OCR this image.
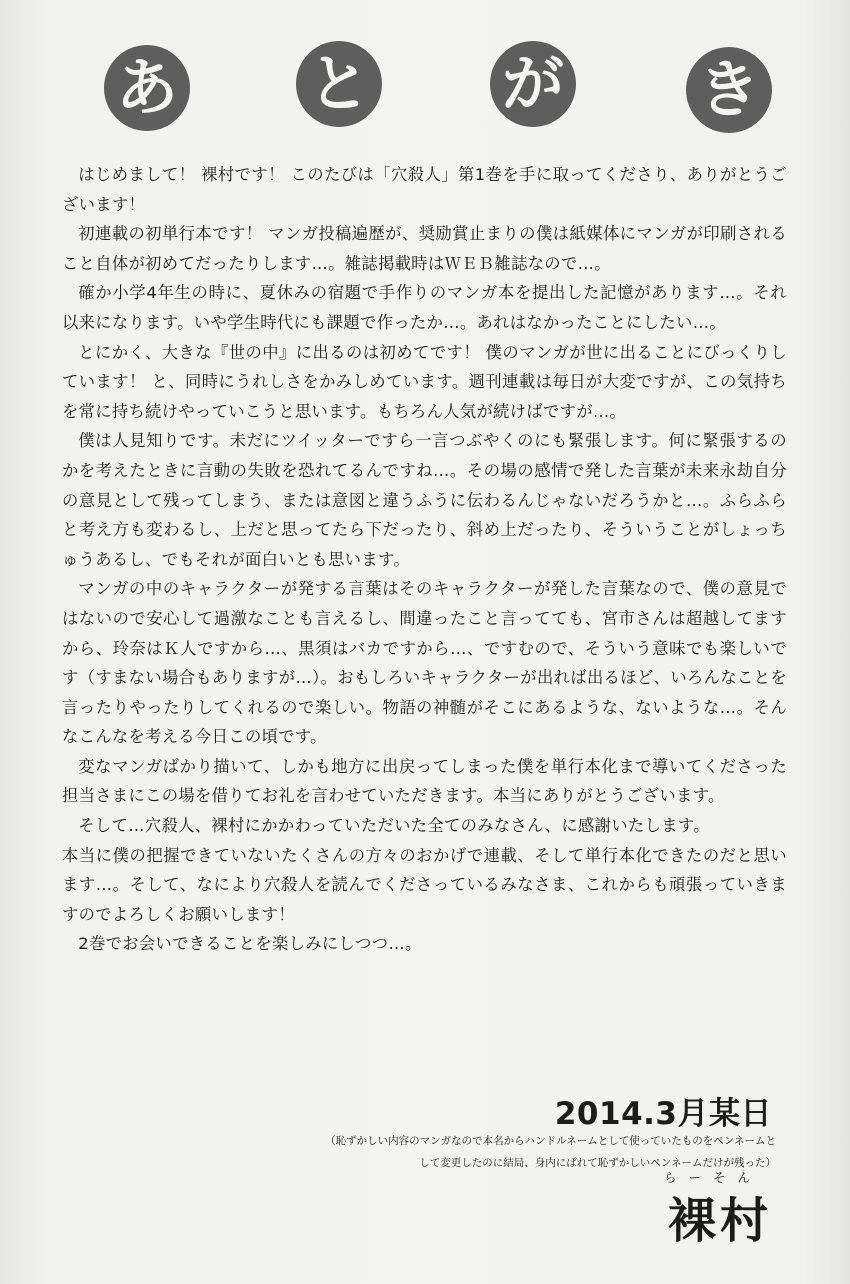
あ と が き

はじめまして！ 裸村です！ このたびは「穴殺人」第1巻を手に取ってくださり、ありがとうございます！

初連載の初単行本です！ マンガ投稿遍歴が、奨励賞止まりの僕は紙媒体にマンガが印刷されること自体が初めてだったりします…。雑誌掲載時はＷＥＢ雑誌なので…。

確か小学4年生の時に、夏休みの宿題で手作りのマンガ本を提出した記憶があります…。それ以来になります。いや学生時代にも課題で作ったか…。あれはなかったことにしたい…。

とにかく、大きな『世の中』に出るのは初めてです！ 僕のマンガが世に出ることにびっくりしています！ と、同時にうれしさをかみしめています。週刊連載は毎日が大変ですが、この気持ちを常に持ち続けやっていこうと思います。もちろん人気が続けばですが…。

僕は人見知りです。未だにツイッターですら一言つぶやくのにも緊張します。何に緊張するのかを考えたときに言動の失敗を恐れてるんですね…。その場の感情で発した言葉が未来永劫自分の意見として残ってしまう、または意図と違うふうに伝わるんじゃないだろうかと…。ふらふらと考え方も変わるし、上だと思ってたら下だったり、斜め上だったり、そういうことがしょっちゅうあるし、でもそれが面白いとも思います。

マンガの中のキャラクターが発する言葉はそのキャラクターが発した言葉なので、僕の意見ではないので安心して過激なことも言えるし、間違ったこと言ってても、宮市さんは超越してますから、玲奈はＫ人ですから…、黒須はバカですから…、ですむので、そういう意味でも楽しいです（すまない場合もありますが…）。おもしろいキャラクターが出れば出るほど、いろんなことを言ったりやったりしてくれるので楽しい。物語の神髄がそこにあるような、ないような…。そんなこんなを考える今日この頃です。

変なマンガばかり描いて、しかも地方に出戻ってしまった僕を単行本化まで導いてくださった担当さまにこの場を借りてお礼を言わせていただきます。本当にありがとうございます。

そして…穴殺人、裸村にかかわっていただいた全てのみなさん、に感謝いたします。

本当に僕の把握できていないたくさんの方々のおかげで連載、そして単行本化できたのだと思います…。そして、なにより穴殺人を読んでくださっているみなさま、これからも頑張っていきますのでよろしくお願いします！

2巻でお会いできることを楽しみにしつつ…。

2014.3月某日
（恥ずかしい内容のマンガなので本名からハンドルネームとして使っていたものをペンネームとして変更したのに結局、身内にばれて恥ずかしいペンネームだけが残った）
らーそん
裸村
